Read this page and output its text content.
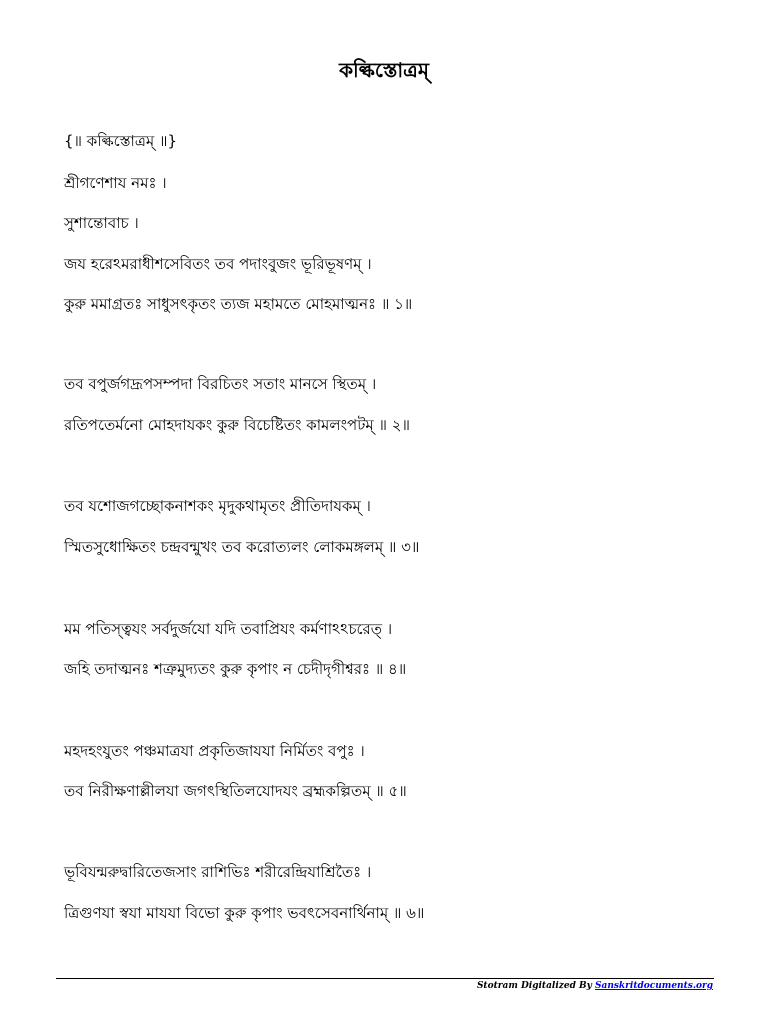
কল্কিস্তোত্রম্
{॥ কল্কিস্তোত্রম্ ॥}
শ্রীগণেশায নমঃ ।
সুশান্তোবাচ ।
জয হরেঽমরাধীশসেবিতং তব পদাংবুজং ভূরিভূষণম্ ।
কুরু মমাগ্রতঃ সাধুসৎকৃতং ত্যজ মহামতে মোহমাত্মনঃ ॥ ১॥
তব বপুর্জগদ্রূপসম্পদা বিরচিতং সতাং মানসে স্থিতম্ ।
রতিপতের্মনো মোহদাযকং কুরু বিচেষ্টিতং কামলংপটম্ ॥ ২॥
তব যশোজগচ্ছোকনাশকং মৃদুকথামৃতং প্রীতিদাযকম্ ।
স্মিতসুধোক্ষিতং চন্দ্রবন্মুখং তব করোত্যলং লোকমঙ্গলম্ ॥ ৩॥
মম পতিস্ত্বযং সর্বদুর্জযো যদি তবাপ্রিযং কর্মণাঽঽচরেত্ ।
জহি তদাত্মনঃ শত্রুমুদ্যতং কুরু কৃপাং ন চেদীদৃগীশ্বরঃ ॥ ৪॥
মহদহংযুতং পঞ্চমাত্রযা প্রকৃতিজাযযা নির্মিতং বপুঃ ।
তব নিরীক্ষণাল্লীলযা জগৎস্থিতিলযোদযং ব্রহ্মকল্পিতম্ ॥ ৫॥
ভূবিযন্মরুদ্বারিতেজসাং রাশিভিঃ শরীরেন্দ্রিযাশ্রিতৈঃ ।
ত্রিগুণযা স্বযা মাযযা বিভো কুরু কৃপাং ভবৎসেবনার্থিনাম্ ॥ ৬॥
Stotram Digitalized By Sanskritdocuments.org
